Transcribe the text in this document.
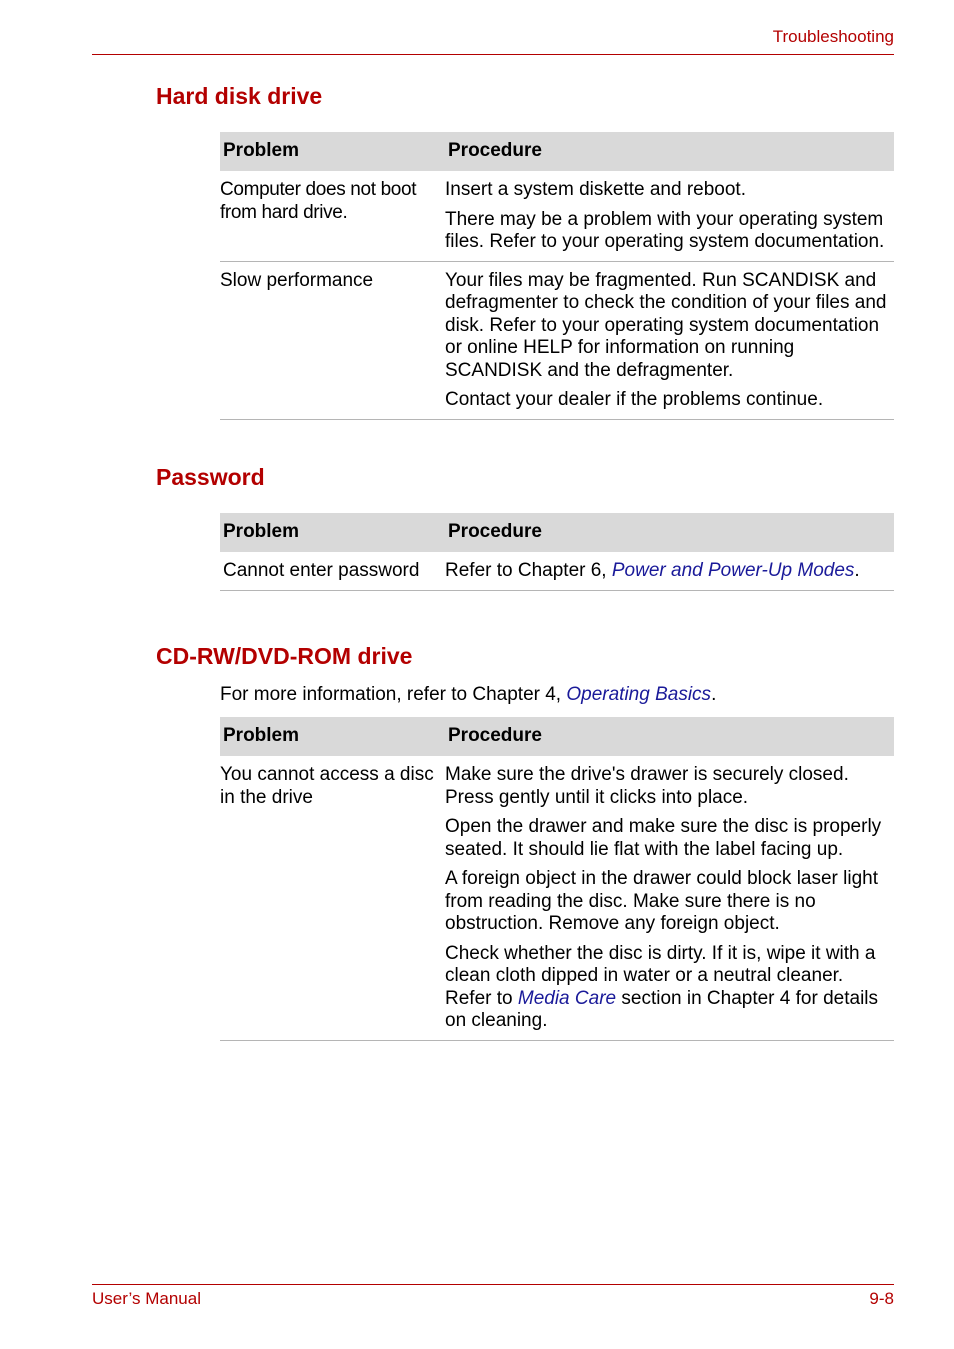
Troubleshooting
Hard disk drive
Problem	Procedure
Computer does not boot from hard drive.	Insert a system diskette and reboot.

There may be a problem with your operating system files. Refer to your operating system documentation.

Slow performance	Your files may be fragmented. Run SCANDISK and defragmenter to check the condition of your files and disk. Refer to your operating system documentation or online HELP for information on running SCANDISK and the defragmenter.

Contact your dealer if the problems continue.

Password
Problem	Procedure
Cannot enter password	Refer to Chapter 6, Power and Power-Up Modes.

CD-RW/DVD-ROM drive
For more information, refer to Chapter 4, Operating Basics.
Problem	Procedure
You cannot access a disc in the drive	Make sure the drive's drawer is securely closed. Press gently until it clicks into place.

Open the drawer and make sure the disc is properly seated. It should lie flat with the label facing up.

A foreign object in the drawer could block laser light from reading the disc. Make sure there is no obstruction. Remove any foreign object.

Check whether the disc is dirty. If it is, wipe it with a clean cloth dipped in water or a neutral cleaner. Refer to Media Care section in Chapter 4 for details on cleaning.

User’s Manual	9-8
